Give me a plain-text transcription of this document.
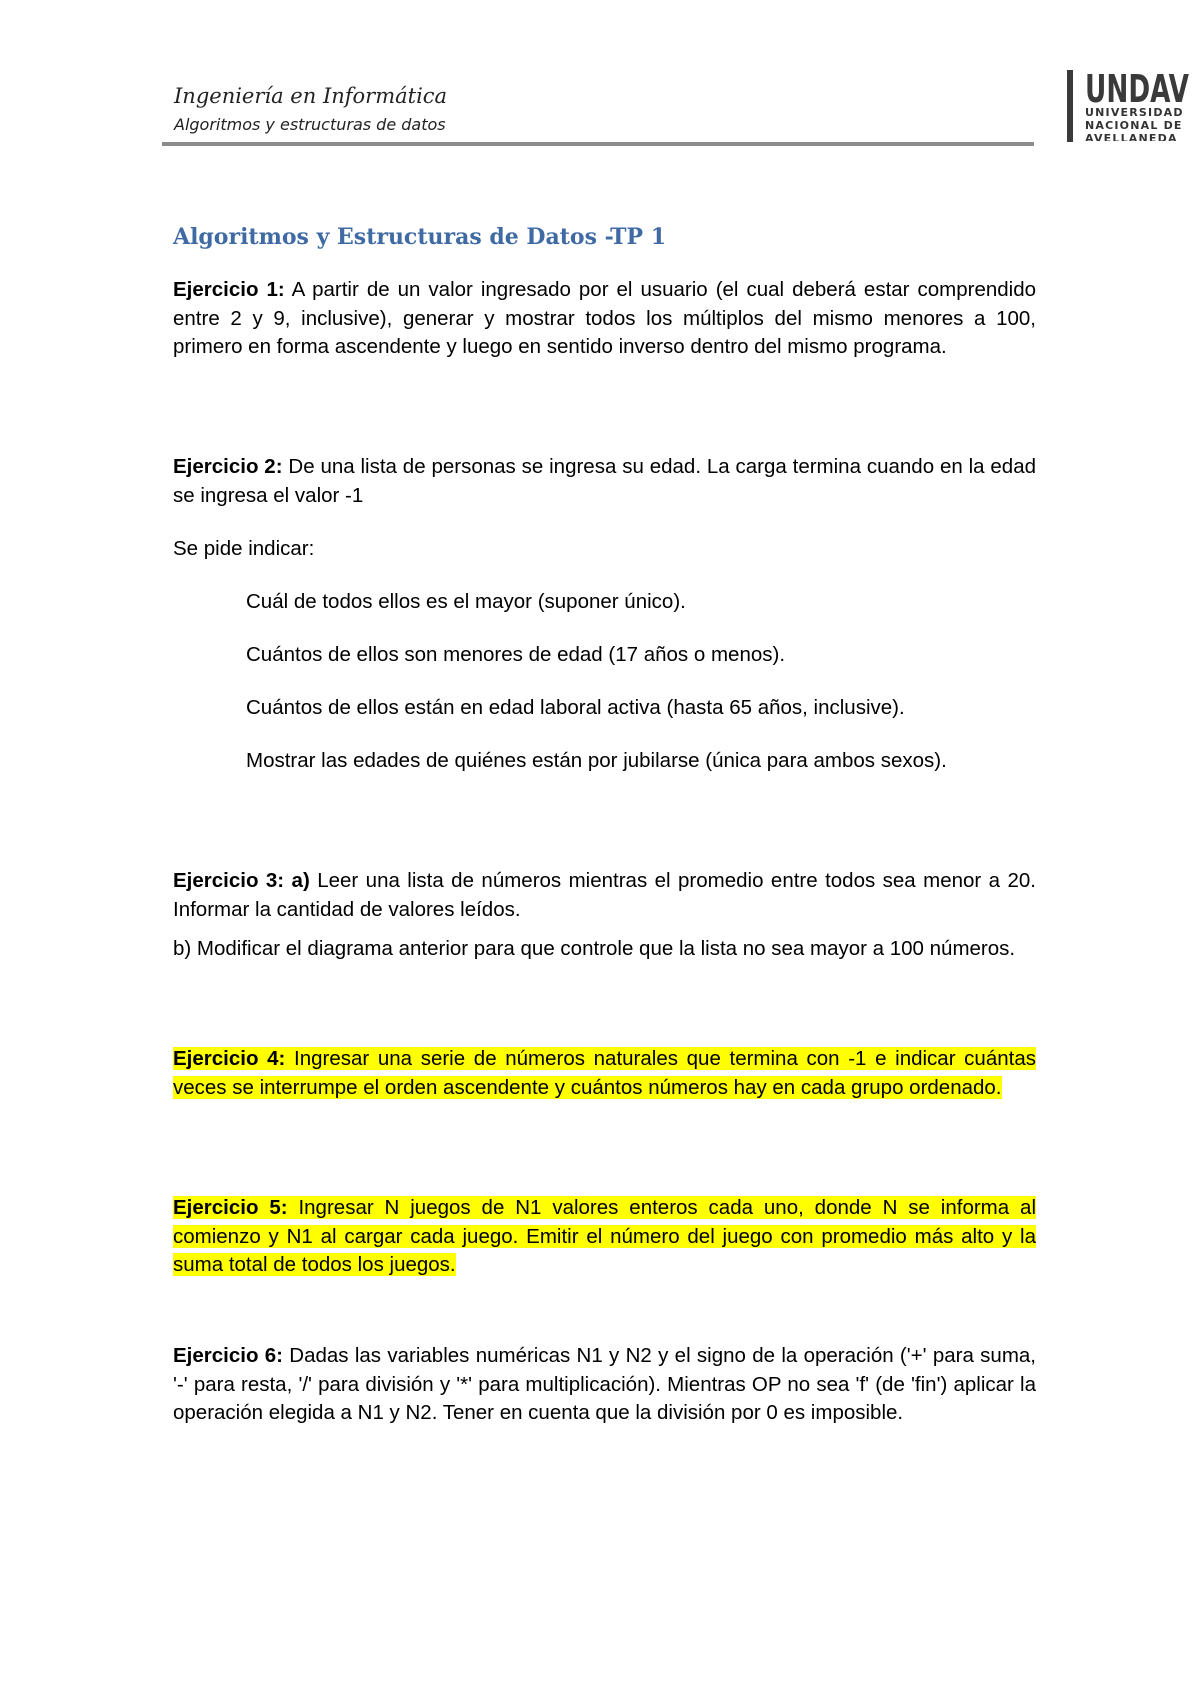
Ingeniería en Informática
Algoritmos y estructuras de datos
UNDAV
UNIVERSIDAD
NACIONAL DE
AVELLANEDA
Algoritmos y Estructuras de Datos -TP 1

Ejercicio 1: A partir de un valor ingresado por el usuario (el cual deberá estar comprendido entre 2 y 9, inclusive), generar y mostrar todos los múltiplos del mismo menores a 100, primero en forma ascendente y luego en sentido inverso dentro del mismo programa.

Ejercicio 2: De una lista de personas se ingresa su edad. La carga termina cuando en la edad se ingresa el valor -1

Se pide indicar:

Cuál de todos ellos es el mayor (suponer único).

Cuántos de ellos son menores de edad (17 años o menos).

Cuántos de ellos están en edad laboral activa (hasta 65 años, inclusive).

Mostrar las edades de quiénes están por jubilarse (única para ambos sexos).

Ejercicio 3: a) Leer una lista de números mientras el promedio entre todos sea menor a 20. Informar la cantidad de valores leídos.

b) Modificar el diagrama anterior para que controle que la lista no sea mayor a 100 números.

Ejercicio 4: Ingresar una serie de números naturales que termina con -1 e indicar cuántas veces se interrumpe el orden ascendente y cuántos números hay en cada grupo ordenado.

Ejercicio 5: Ingresar N juegos de N1 valores enteros cada uno, donde N se informa al comienzo y N1 al cargar cada juego. Emitir el número del juego con promedio más alto y la suma total de todos los juegos.

Ejercicio 6: Dadas las variables numéricas N1 y N2 y el signo de la operación ('+' para suma, '-' para resta, '/' para división y '*' para multiplicación). Mientras OP no sea 'f' (de 'fin') aplicar la operación elegida a N1 y N2. Tener en cuenta que la división por 0 es imposible.
